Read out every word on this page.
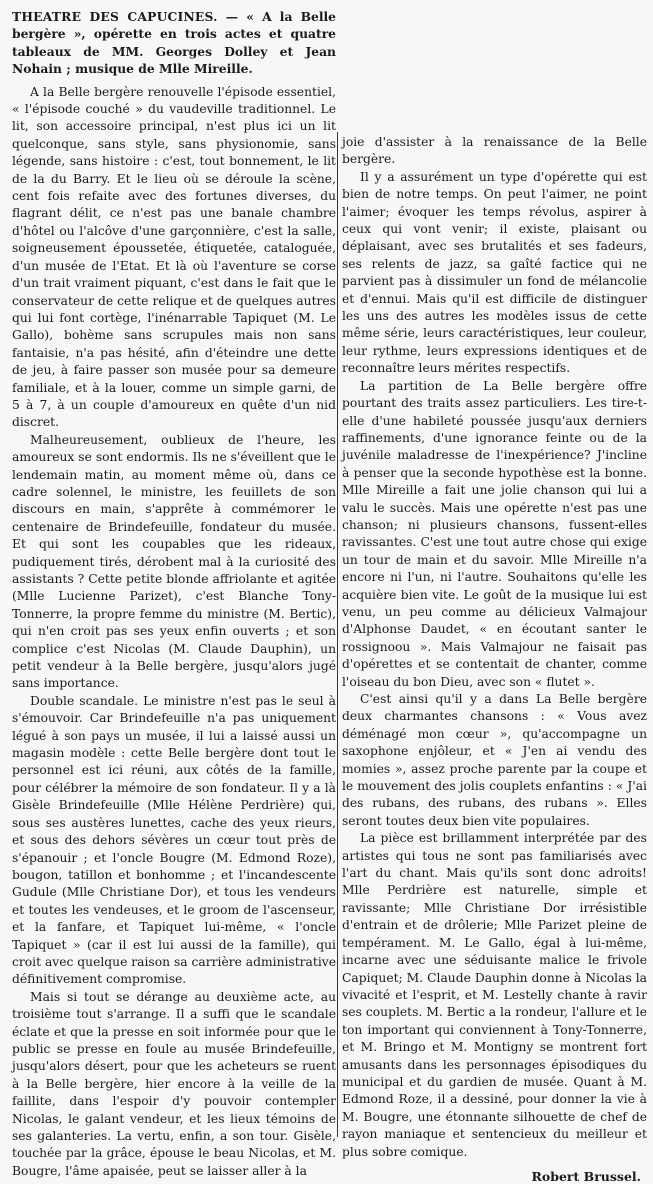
THEATRE DES CAPUCINES. — « A la Belle bergère », opérette en trois actes et quatre tableaux de MM. Georges Dolley et Jean Nohain ; musique de Mlle Mireille.

A la Belle bergère renouvelle l'épisode essentiel, « l'épisode couché » du vaudeville traditionnel. Le lit, son accessoire principal, n'est plus ici un lit quelconque, sans style, sans physionomie, sans légende, sans histoire : c'est, tout bonnement, le lit de la du Barry. Et le lieu où se déroule la scène, cent fois refaite avec des fortunes diverses, du flagrant délit, ce n'est pas une banale chambre d'hôtel ou l'alcôve d'une garçonnière, c'est la salle, soigneusement époussetée, étiquetée, cataloguée, d'un musée de l'Etat. Et là où l'aventure se corse d'un trait vraiment piquant, c'est dans le fait que le conservateur de cette relique et de quelques autres qui lui font cortège, l'inénarrable Tapiquet (M. Le Gallo), bohème sans scrupules mais non sans fantaisie, n'a pas hésité, afin d'éteindre une dette de jeu, à faire passer son musée pour sa demeure familiale, et à la louer, comme un simple garni, de 5 à 7, à un couple d'amoureux en quête d'un nid discret.

Malheureusement, oublieux de l'heure, les amoureux se sont endormis. Ils ne s'éveillent que le lendemain matin, au moment même où, dans ce cadre solennel, le ministre, les feuillets de son discours en main, s'apprête à commémorer le centenaire de Brindefeuille, fondateur du musée. Et qui sont les coupables que les rideaux, pudiquement tirés, dérobent mal à la curiosité des assistants ? Cette petite blonde affriolante et agitée (Mlle Lucienne Parizet), c'est Blanche Tony-Tonnerre, la propre femme du ministre (M. Bertic), qui n'en croit pas ses yeux enfin ouverts ; et son complice c'est Nicolas (M. Claude Dauphin), un petit vendeur à la Belle bergère, jusqu'alors jugé sans importance.

Double scandale. Le ministre n'est pas le seul à s'émouvoir. Car Brindefeuille n'a pas uniquement légué à son pays un musée, il lui a laissé aussi un magasin modèle : cette Belle bergère dont tout le personnel est ici réuni, aux côtés de la famille, pour célébrer la mémoire de son fondateur. Il y a là Gisèle Brindefeuille (Mlle Hélène Perdrière) qui, sous ses austères lunettes, cache des yeux rieurs, et sous des dehors sévères un cœur tout près de s'épanouir ; et l'oncle Bougre (M. Edmond Roze), bougon, tatillon et bonhomme ; et l'incandescente Gudule (Mlle Christiane Dor), et tous les vendeurs et toutes les vendeuses, et le groom de l'ascenseur, et la fanfare, et Tapiquet lui-même, « l'oncle Tapiquet » (car il est lui aussi de la famille), qui croit avec quelque raison sa carrière administrative définitivement compromise.

Mais si tout se dérange au deuxième acte, au troisième tout s'arrange. Il a suffi que le scandale éclate et que la presse en soit informée pour que le public se presse en foule au musée Brindefeuille, jusqu'alors désert, pour que les acheteurs se ruent à la Belle bergère, hier encore à la veille de la faillite, dans l'espoir d'y pouvoir contempler Nicolas, le galant vendeur, et les lieux témoins de ses galanteries. La vertu, enfin, a son tour. Gisèle, touchée par la grâce, épouse le beau Nicolas, et M. Bougre, l'âme apaisée, peut se laisser aller à la

joie d'assister à la renaissance de la Belle bergère.

Il y a assurément un type d'opérette qui est bien de notre temps. On peut l'aimer, ne point l'aimer; évoquer les temps révolus, aspirer à ceux qui vont venir; il existe, plaisant ou déplaisant, avec ses brutalités et ses fadeurs, ses relents de jazz, sa gaîté factice qui ne parvient pas à dissimuler un fond de mélancolie et d'ennui. Mais qu'il est difficile de distinguer les uns des autres les modèles issus de cette même série, leurs caractéristiques, leur couleur, leur rythme, leurs expressions identiques et de reconnaître leurs mérites respectifs.

La partition de La Belle bergère offre pourtant des traits assez particuliers. Les tire-t-elle d'une habileté poussée jusqu'aux derniers raffinements, d'une ignorance feinte ou de la juvénile maladresse de l'inexpérience? J'incline à penser que la seconde hypothèse est la bonne. Mlle Mireille a fait une jolie chanson qui lui a valu le succès. Mais une opérette n'est pas une chanson; ni plusieurs chansons, fussent-elles ravissantes. C'est une tout autre chose qui exige un tour de main et du savoir. Mlle Mireille n'a encore ni l'un, ni l'autre. Souhaitons qu'elle les acquière bien vite. Le goût de la musique lui est venu, un peu comme au délicieux Valmajour d'Alphonse Daudet, « en écoutant santer le rossignoou ». Mais Valmajour ne faisait pas d'opérettes et se contentait de chanter, comme l'oiseau du bon Dieu, avec son « flutet ».

C'est ainsi qu'il y a dans La Belle bergère deux charmantes chansons : « Vous avez déménagé mon cœur », qu'accompagne un saxophone enjôleur, et « J'en ai vendu des momies », assez proche parente par la coupe et le mouvement des jolis couplets enfantins : « J'ai des rubans, des rubans, des rubans ». Elles seront toutes deux bien vite populaires.

La pièce est brillamment interprétée par des artistes qui tous ne sont pas familiarisés avec l'art du chant. Mais qu'ils sont donc adroits! Mlle Perdrière est naturelle, simple et ravissante; Mlle Christiane Dor irrésistible d'entrain et de drôlerie; Mlle Parizet pleine de tempérament. M. Le Gallo, égal à lui-même, incarne avec une séduisante malice le frivole Capiquet; M. Claude Dauphin donne à Nicolas la vivacité et l'esprit, et M. Lestelly chante à ravir ses couplets. M. Bertic a la rondeur, l'allure et le ton important qui conviennent à Tony-Tonnerre, et M. Bringo et M. Montigny se montrent fort amusants dans les personnages épisodiques du municipal et du gardien de musée. Quant à M. Edmond Roze, il a dessiné, pour donner la vie à M. Bougre, une étonnante silhouette de chef de rayon maniaque et sentencieux du meilleur et plus sobre comique.

Robert Brussel.
